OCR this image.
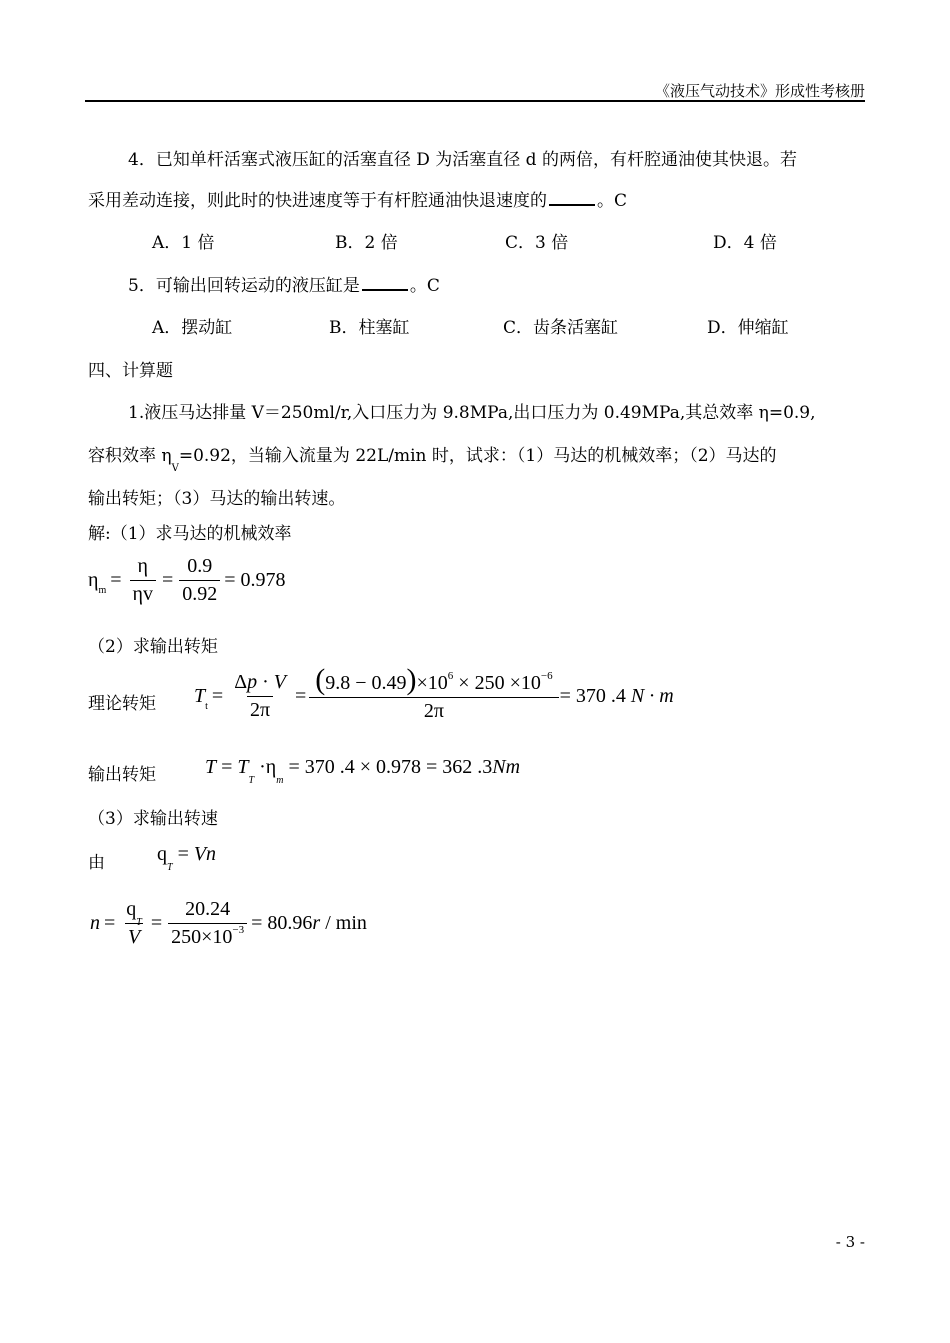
《液压气动技术》形成性考核册
4．已知单杆活塞式液压缸的活塞直径 D 为活塞直径 d 的两倍，有杆腔通油使其快退。若
采用差动连接，则此时的快进速度等于有杆腔通油快退速度的	。C
A．1 倍	B．2 倍	C．3 倍	D．4 倍
5．可输出回转运动的液压缸是	。C
A．摆动缸	B．柱塞缸	C．齿条活塞缸	D．伸缩缸
四、计算题
1.液压马达排量 V＝250ml/r,入口压力为 9.8MPa,出口压力为 0.49MPa,其总效率 η=0.9,
容积效率 $\eta_V=0.92$，当输入流量为 22L/min 时，试求：（1）马达的机械效率；（2）马达的
输出转矩；（3）马达的输出转速。
解:（1）求马达的机械效率
η $m = \frac{\eta}{\eta v} = \frac{0.9}{0.92} = 0.978$
（2）求输出转矩
理论转矩 T $t = \frac{\Delta p \cdot V}{2\pi} = \frac{(9.8 - 0.49)\times 10^6 \times 250 \times 10^{-6}}{2\pi} = 370$ .4 N · m
输出转矩 $T = T_T \cdot\eta_m = 370$ .4 × 0.978 = 362 .3Nm
（3）求输出转速
由	$q_T = Vn$
$n = \frac{q_T}{V} = \frac{20.24}{250\times 10^{-3}} = 80.96r / \min$
- 3 -
